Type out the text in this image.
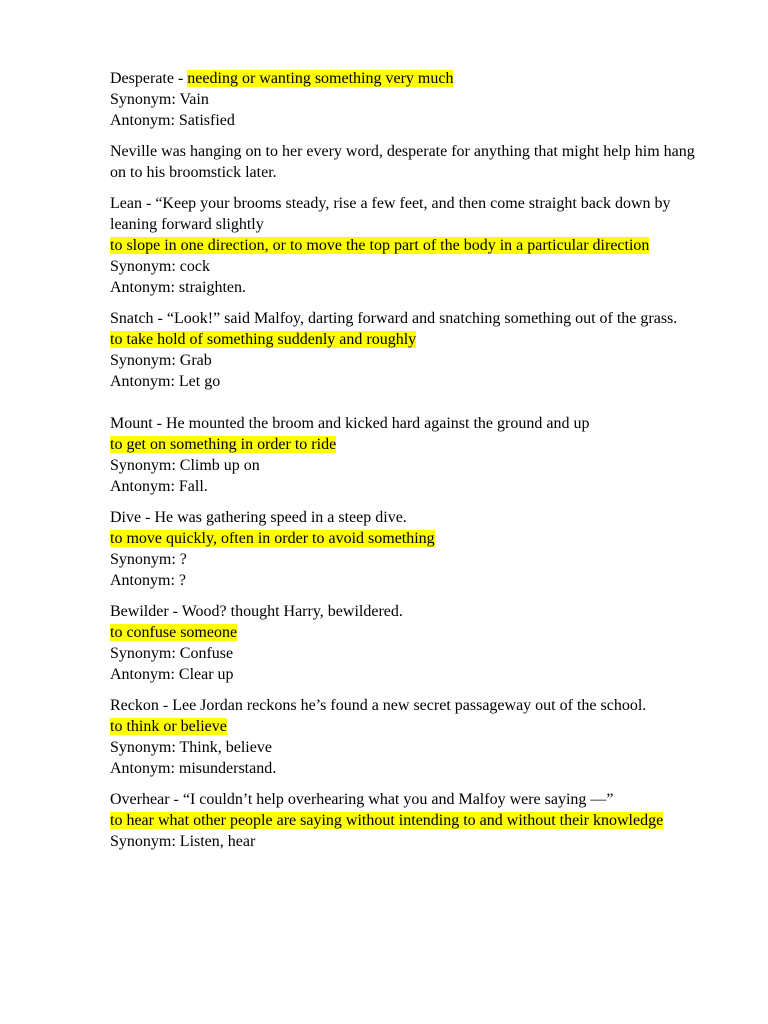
Desperate - needing or wanting something very much
Synonym: Vain
Antonym: Satisfied
Neville was hanging on to her every word, desperate for anything that might help him hang on to his broomstick later.
Lean - “Keep your brooms steady, rise a few feet, and then come straight back down by leaning forward slightly
to slope in one direction, or to move the top part of the body in a particular direction
Synonym: cock
Antonym: straighten.
Snatch - “Look!” said Malfoy, darting forward and snatching something out of the grass.
to take hold of something suddenly and roughly
Synonym: Grab
Antonym: Let go
Mount - He mounted the broom and kicked hard against the ground and up
to get on something in order to ride
Synonym: Climb up on
Antonym: Fall.
Dive - He was gathering speed in a steep dive.
to move quickly, often in order to avoid something
Synonym: ?
Antonym: ?
Bewilder - Wood? thought Harry, bewildered.
to confuse someone
Synonym: Confuse
Antonym: Clear up
Reckon - Lee Jordan reckons he’s found a new secret passageway out of the school.
to think or believe
Synonym: Think, believe
Antonym: misunderstand.
Overhear - “I couldn’t help overhearing what you and Malfoy were saying —”
to hear what other people are saying without intending to and without their knowledge
Synonym: Listen, hear
